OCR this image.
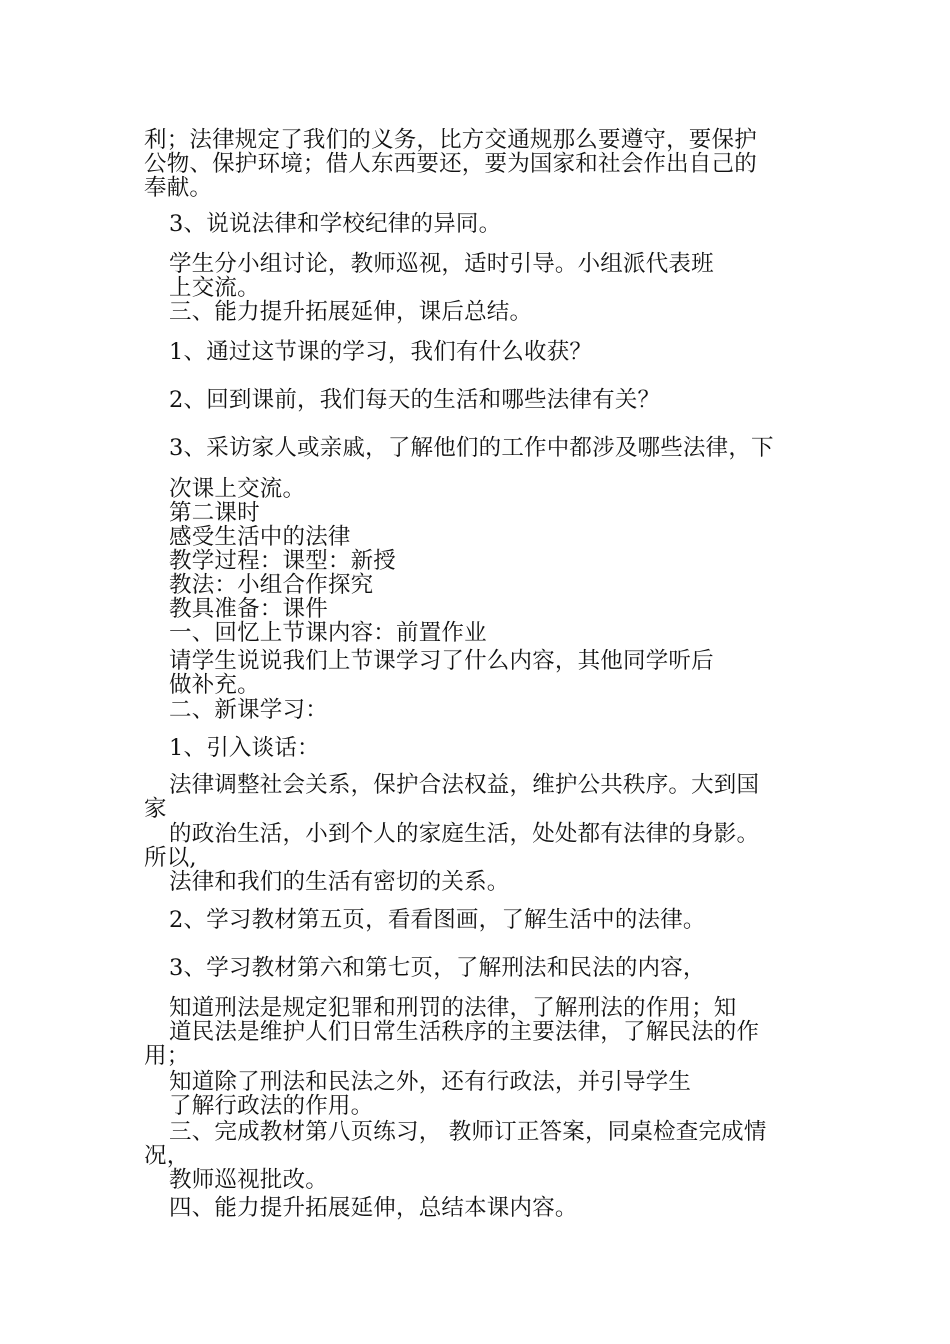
利；法律规定了我们的义务，比方交通规那么要遵守，要保护
公物、保护环境；借人东西要还，要为国家和社会作出自己的
奉献。
3、说说法律和学校纪律的异同。
学生分小组讨论，教师巡视，适时引导。小组派代表班
上交流。
三、能力提升拓展延伸，课后总结。
1、通过这节课的学习，我们有什么收获？
2、回到课前，我们每天的生活和哪些法律有关？
3、采访家人或亲戚，了解他们的工作中都涉及哪些法律，下
次课上交流。
第二课时
感受生活中的法律
教学过程：课型：新授
教法：小组合作探究
教具准备：课件
一、回忆上节课内容：前置作业
请学生说说我们上节课学习了什么内容，其他同学听后
做补充。
二、新课学习：
1、引入谈话：
法律调整社会关系，保护合法权益，维护公共秩序。大到国
家
的政治生活，小到个人的家庭生活，处处都有法律的身影。
所以,
法律和我们的生活有密切的关系。
2、学习教材第五页，看看图画，了解生活中的法律。
3、学习教材第六和第七页，了解刑法和民法的内容，
知道刑法是规定犯罪和刑罚的法律，了解刑法的作用；知
道民法是维护人们日常生活秩序的主要法律，了解民法的作
用；
知道除了刑法和民法之外，还有行政法，并引导学生
了解行政法的作用。
三、完成教材第八页练习， 教师订正答案，同桌检查完成情
况，
教师巡视批改。
四、能力提升拓展延伸，总结本课内容。
